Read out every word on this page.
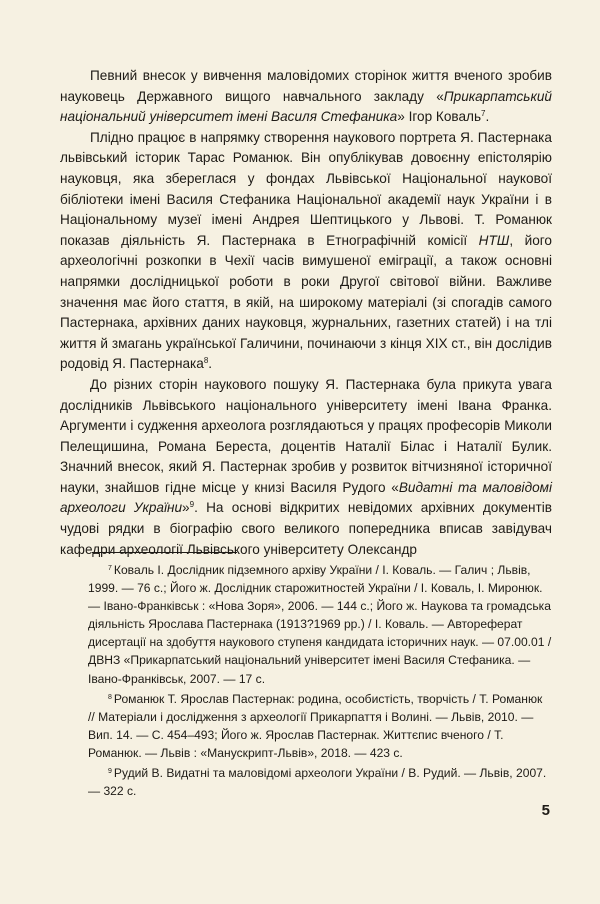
Певний внесок у вивчення маловідомих сторінок життя вченого зробив науковець Державного вищого навчального закладу «Прикарпатський національний університет імені Василя Стефаника» Ігор Коваль$^7$.

Плідно працює в напрямку створення наукового портрета Я. Пастернака львівський історик Тарас Романюк. Він опублікував довоєнну епістолярію науковця, яка збереглася у фондах Львівської Національної наукової бібліотеки імені Василя Стефаника Національної академії наук України і в Національному музеї імені Андрея Шептицького у Львові. Т. Романюк показав діяльність Я. Пастернака в Етнографічній комісії НТШ, його археологічні розкопки в Чехії часів вимушеної еміграції, а також основні напрямки дослідницької роботи в роки Другої світової війни. Важливе значення має його стаття, в якій, на широкому матеріалі (зі спогадів самого Пастернака, архівних даних науковця, журнальних, газетних статей) і на тлі життя й змагань української Галичини, починаючи з кінця ХІХ ст., він дослідив родовід Я. Пастернака$^8$.

До різних сторін наукового пошуку Я. Пастернака була прикута увага дослідників Львівського національного університету імені Івана Франка. Аргументи і судження археолога розглядаються у працях професорів Миколи Пелещишина, Романа Береста, доцентів Наталії Білас і Наталії Булик. Значний внесок, який Я. Пастернак зробив у розвиток вітчизняної історичної науки, знайшов гідне місце у книзі Василя Рудого «Видатні та маловідомі археологи України»$^9$. На основі відкритих невідомих архівних документів чудові рядки в біографію свого великого попередника вписав завідувач кафедри археології Львівського університету Олександр

$^7$ Коваль І. Дослідник підземного архіву України / І. Коваль. — Галич ; Львів, 1999. — 76 с.; Його ж. Дослідник старожитностей України / І. Коваль, І. Миронюк. — Івано-Франківськ : «Нова Зоря», 2006. — 144 с.; Його ж. Наукова та громадська діяльність Ярослава Пастернака (1913?1969 рр.) / І. Коваль. — Автореферат дисертації на здобуття наукового ступеня кандидата історичних наук. — 07.00.01 / ДВНЗ «Прикарпатський національний університет імені Василя Стефаника. — Івано-Франківськ, 2007. — 17 с.

$^8$ Романюк Т. Ярослав Пастернак: родина, особистість, творчість / Т. Романюк // Матеріали і дослідження з археології Прикарпаття і Волині. — Львів, 2010. — Вип. 14. — С. 454–493; Його ж. Ярослав Пастернак. Життєпис вченого / Т. Романюк. — Львів : «Манускрипт-Львів», 2018. — 423 с.

$^9$ Рудий В. Видатні та маловідомі археологи України / В. Рудий. — Львів, 2007. — 322 с.

5
